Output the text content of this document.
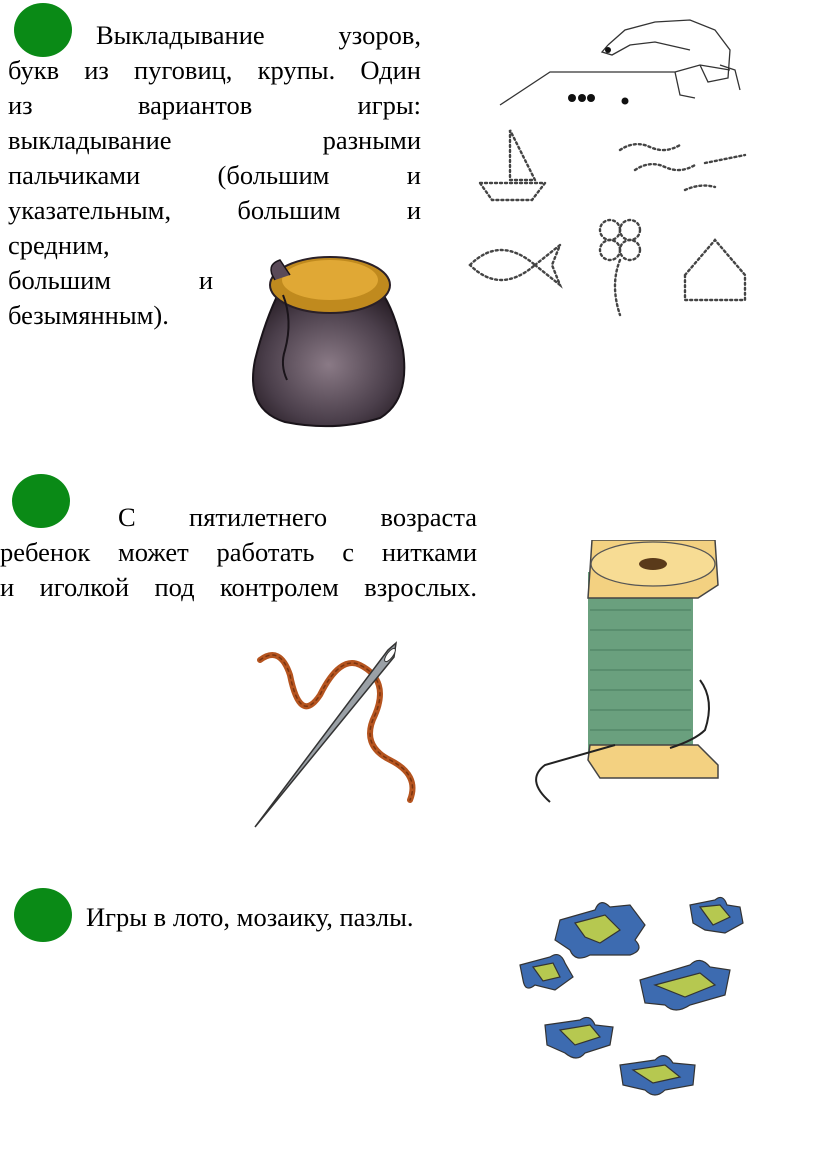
Выкладывание узоров,
букв из пуговиц, крупы. Один
из вариантов игры:
выкладывание разными
пальчиками (большим и
указательным, большим и
средним,
большим и
безымянным).
С пятилетнего возраста
ребенок может работать с нитками
и иголкой под контролем взрослых.
Игры в лото, мозаику, пазлы.
